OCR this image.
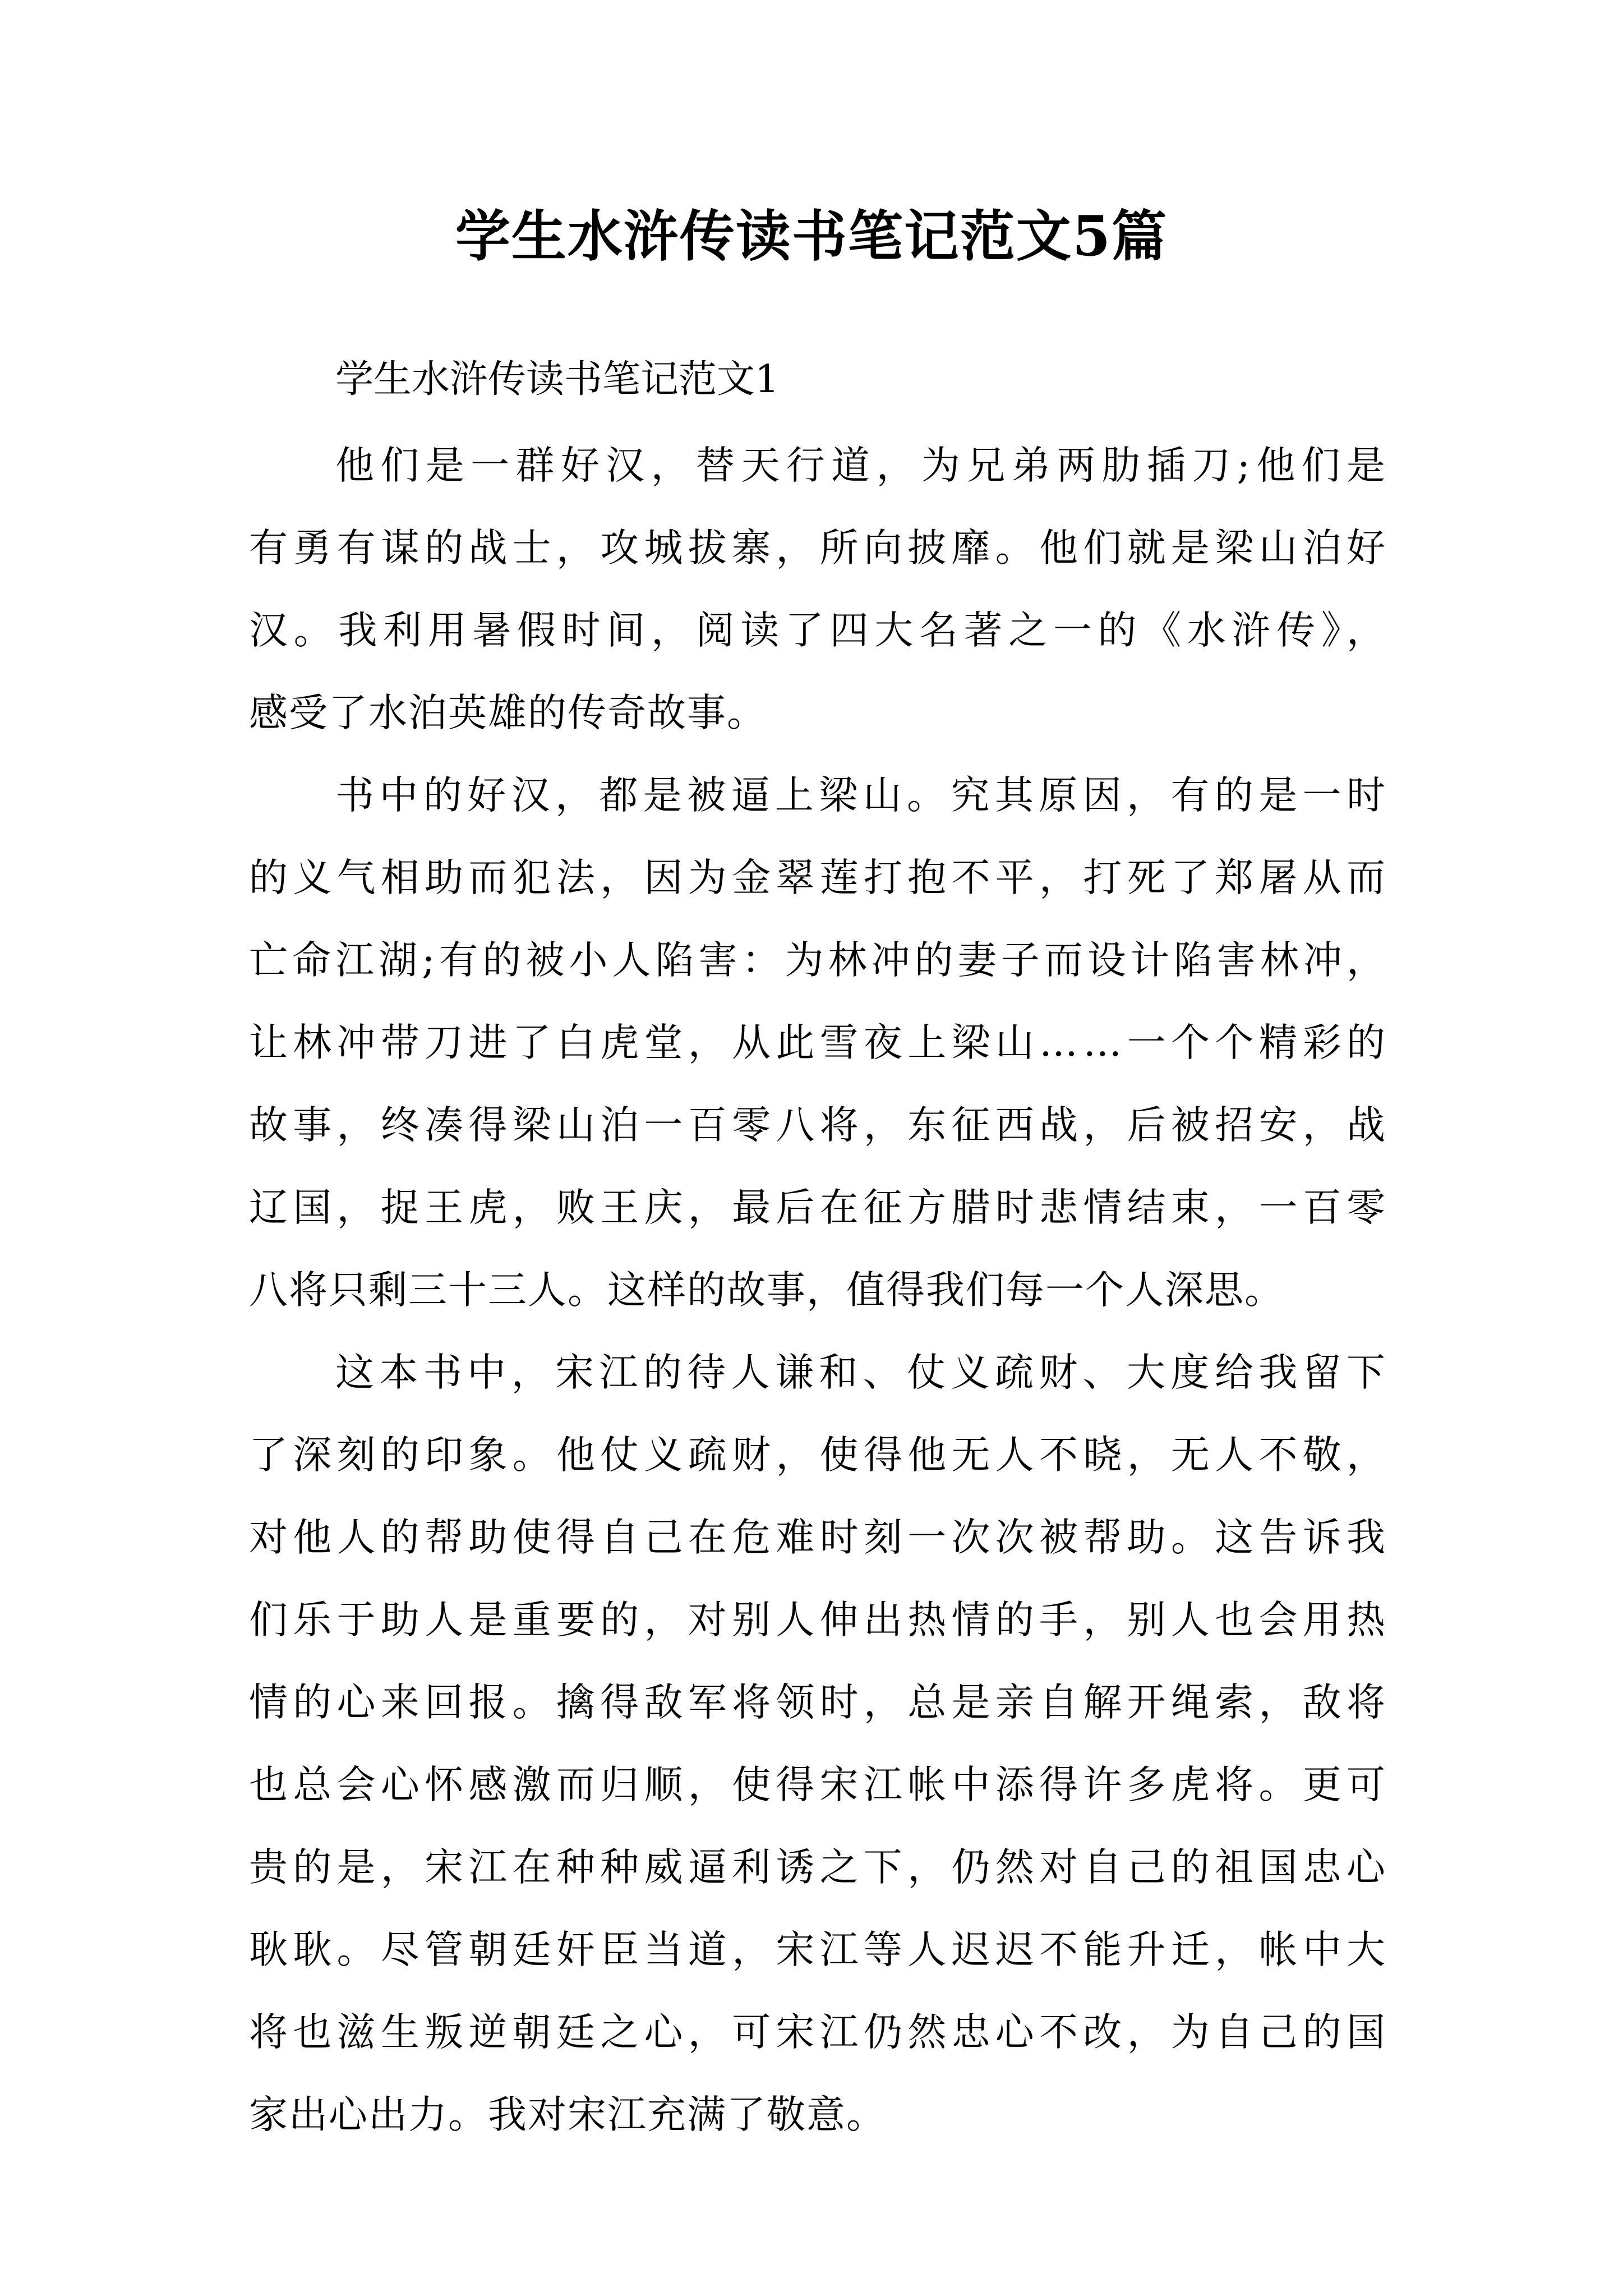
学生水浒传读书笔记范文5篇
学生水浒传读书笔记范文1
他们是一群好汉，替天行道，为兄弟两肋插刀;他们是
有勇有谋的战士，攻城拔寨，所向披靡。他们就是梁山泊好
汉。我利用暑假时间，阅读了四大名著之一的《水浒传》，
感受了水泊英雄的传奇故事。
书中的好汉，都是被逼上梁山。究其原因，有的是一时
的义气相助而犯法，因为金翠莲打抱不平，打死了郑屠从而
亡命江湖;有的被小人陷害：为林冲的妻子而设计陷害林冲，
让林冲带刀进了白虎堂，从此雪夜上梁山……一个个精彩的
故事，终凑得梁山泊一百零八将，东征西战，后被招安，战
辽国，捉王虎，败王庆，最后在征方腊时悲情结束，一百零
八将只剩三十三人。这样的故事，值得我们每一个人深思。
这本书中，宋江的待人谦和、仗义疏财、大度给我留下
了深刻的印象。他仗义疏财，使得他无人不晓，无人不敬，
对他人的帮助使得自己在危难时刻一次次被帮助。这告诉我
们乐于助人是重要的，对别人伸出热情的手，别人也会用热
情的心来回报。擒得敌军将领时，总是亲自解开绳索，敌将
也总会心怀感激而归顺，使得宋江帐中添得许多虎将。更可
贵的是，宋江在种种威逼利诱之下，仍然对自己的祖国忠心
耿耿。尽管朝廷奸臣当道，宋江等人迟迟不能升迁，帐中大
将也滋生叛逆朝廷之心，可宋江仍然忠心不改，为自己的国
家出心出力。我对宋江充满了敬意。
